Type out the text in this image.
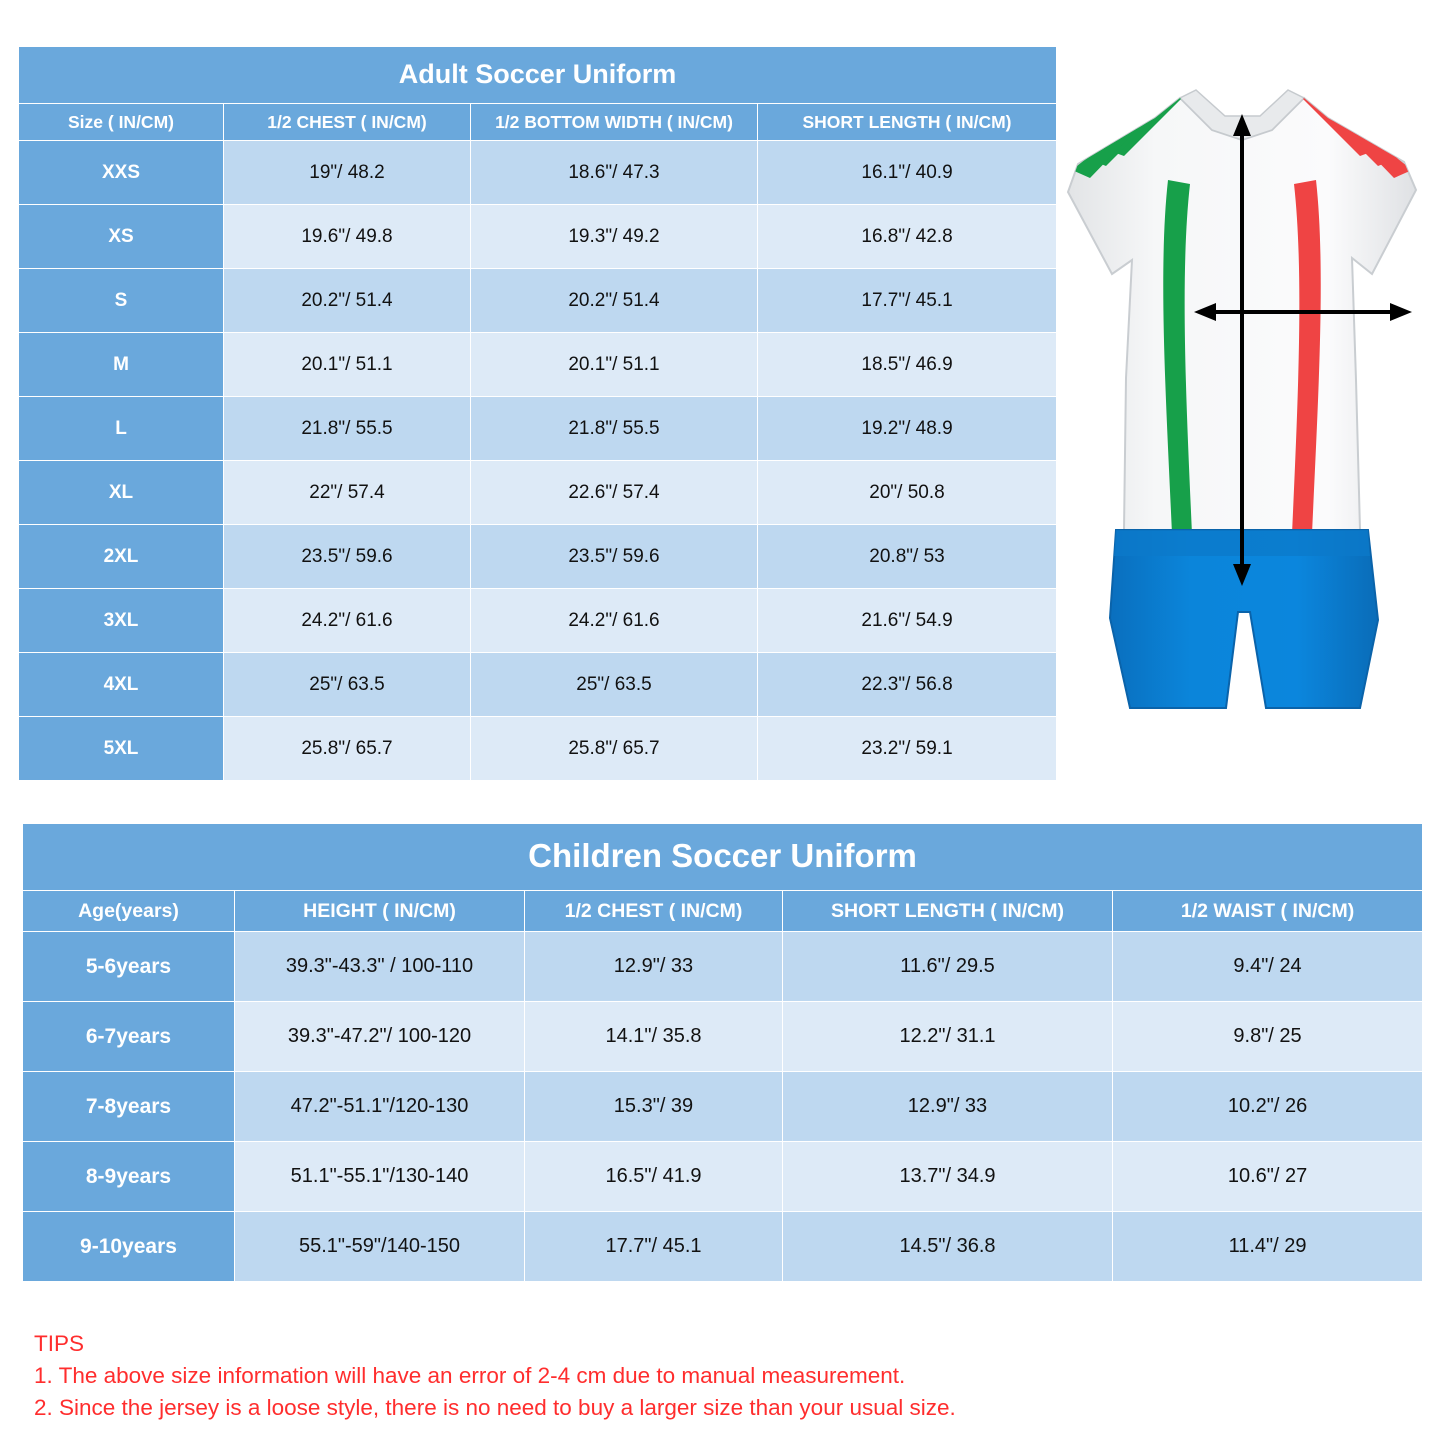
Adult Soccer Uniform			
Size ( IN/CM)	1/2 CHEST ( IN/CM)	1/2 BOTTOM WIDTH ( IN/CM)	SHORT LENGTH ( IN/CM)
XXS	19"/ 48.2	18.6"/ 47.3	16.1"/ 40.9
XS	19.6"/ 49.8	19.3"/ 49.2	16.8"/ 42.8
S	20.2"/ 51.4	20.2"/ 51.4	17.7"/ 45.1
M	20.1"/ 51.1	20.1"/ 51.1	18.5"/ 46.9
L	21.8"/ 55.5	21.8"/ 55.5	19.2"/ 48.9
XL	22"/ 57.4	22.6"/ 57.4	20"/ 50.8
2XL	23.5"/ 59.6	23.5"/ 59.6	20.8"/ 53
3XL	24.2"/ 61.6	24.2"/ 61.6	21.6"/ 54.9
4XL	25"/ 63.5	25"/ 63.5	22.3"/ 56.8
5XL	25.8"/ 65.7	25.8"/ 65.7	23.2"/ 59.1
Children Soccer Uniform				
Age(years)	HEIGHT ( IN/CM)	1/2 CHEST ( IN/CM)	SHORT LENGTH ( IN/CM)	1/2 WAIST ( IN/CM)
5-6years	39.3"-43.3" / 100-110	12.9"/ 33	11.6"/ 29.5	9.4"/ 24
6-7years	39.3"-47.2"/ 100-120	14.1"/ 35.8	12.2"/ 31.1	9.8"/ 25
7-8years	47.2"-51.1"/120-130	15.3"/ 39	12.9"/ 33	10.2"/ 26
8-9years	51.1"-55.1"/130-140	16.5"/ 41.9	13.7"/ 34.9	10.6"/ 27
9-10years	55.1"-59"/140-150	17.7"/ 45.1	14.5"/ 36.8	11.4"/ 29
TIPS
1. The above size information will have an error of 2-4 cm due to manual measurement.
2. Since the jersey is a loose style, there is no need to buy a larger size than your usual size.
